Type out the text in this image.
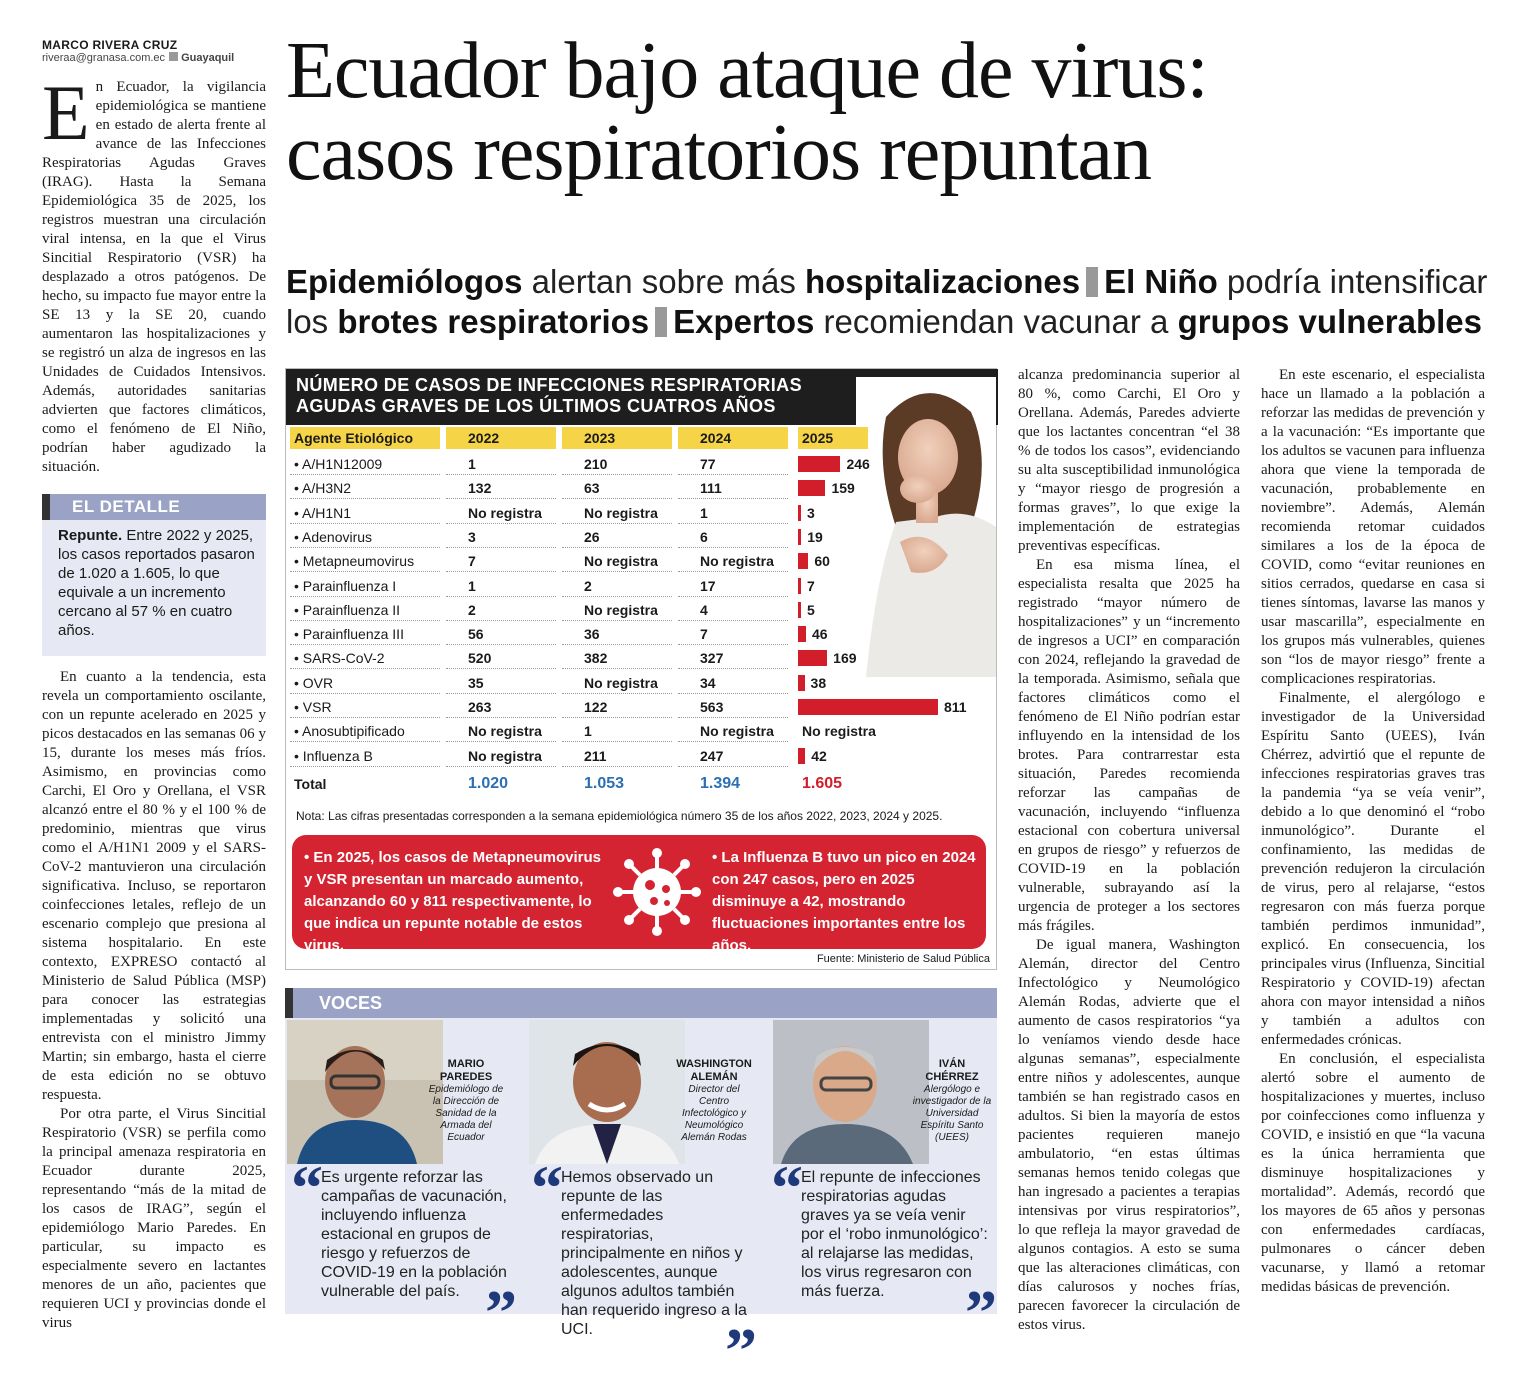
MARCO RIVERA CRUZ
riveraa@granasa.com.ec Guayaquil Ecuador bajo ataque de virus:
casos respiratorios repuntan
Epidemiólogos alertan sobre más hospitalizaciones El Niño podría intensificar
los brotes respiratorios Expertos recomiendan vacunar a grupos vulnerables

En Ecuador, la vigilancia epidemiológica se mantiene en estado de alerta frente al avance de las Infecciones Respiratorias Agudas Graves (IRAG). Hasta la Semana Epidemiológica 35 de 2025, los registros muestran una circulación viral intensa, en la que el Virus Sincitial Respiratorio (VSR) ha desplazado a otros patógenos. De hecho, su impacto fue mayor entre la SE 13 y la SE 20, cuando aumentaron las hospitalizaciones y se registró un alza de ingresos en las Unidades de Cuidados Intensivos. Además, autoridades sanitarias advierten que factores climáticos, como el fenómeno de El Niño, podrían haber agudizado la situación.

EL DETALLE
Repunte. Entre 2022 y 2025, los casos reportados pasaron de 1.020 a 1.605, lo que equivale a un incremento cercano al 57 % en cuatro años.

En cuanto a la tendencia, esta revela un comportamiento oscilante, con un repunte acelerado en 2025 y picos destacados en las semanas 06 y 15, durante los meses más fríos. Asimismo, en provincias como Carchi, El Oro y Orellana, el VSR alcanzó entre el 80 % y el 100 % de predominio, mientras que virus como el A/H1N1 2009 y el SARS-CoV-2 mantuvieron una circulación significativa. Incluso, se reportaron coinfecciones letales, reflejo de un escenario complejo que presiona al sistema hospitalario. En este contexto, EXPRESO contactó al Ministerio de Salud Pública (MSP) para conocer las estrategias implementadas y solicitó una entrevista con el ministro Jimmy Martin; sin embargo, hasta el cierre de esta edición no se obtuvo respuesta.

Por otra parte, el Virus Sincitial Respiratorio (VSR) se perfila como la principal amenaza respiratoria en Ecuador durante 2025, representando “más de la mitad de los casos de IRAG”, según el epidemiólogo Mario Paredes. En particular, su impacto es especialmente severo en lactantes menores de un año, pacientes que requieren UCI y provincias donde el virus

NÚMERO DE CASOS DE INFECCIONES RESPIRATORIAS
AGUDAS GRAVES DE LOS ÚLTIMOS CUATROS AÑOS
Agente Etiológico	2022	2023	2024	2025
• A/H1N12009	1	210	77	246
• A/H3N2	132	63	111	159
• A/H1N1	No registra	No registra	1	3
• Adenovirus	3	26	6	19
• Metapneumovirus	7	No registra	No registra	60
• Parainfluenza I	1	2	17	7
• Parainfluenza II	2	No registra	4	5
• Parainfluenza III	56	36	7	46
• SARS-CoV-2	520	382	327	169
• OVR	35	No registra	34	38
• VSR	263	122	563	811
• Anosubtipificado	No registra	1	No registra	No registra
• Influenza B	No registra	211	247	42
Total	1.020	1.053	1.394	1.605
Nota: Las cifras presentadas corresponden a la semana epidemiológica número 35 de los años 2022, 2023, 2024 y 2025.
• En 2025, los casos de Metapneumovirus y VSR presentan un marcado aumento, alcanzando 60 y 811 respectivamente, lo que indica un repunte notable de estos virus.
• La Influenza B tuvo un pico en 2024 con 247 casos, pero en 2025 disminuye a 42, mostrando fluctuaciones importantes entre los años.
Fuente: Ministerio de Salud Pública
VOCES
MARIO PAREDES
Epidemiólogo de la Dirección de Sanidad de la Armada del Ecuador
WASHINGTON ALEMÁN
Director del Centro Infectológico y Neumológico Alemán Rodas
IVÁN CHÉRREZ
Alergólogo e investigador de la Universidad Espíritu Santo (UEES)
“
Es urgente reforzar las campañas de vacunación, incluyendo influenza estacional en grupos de riesgo y refuerzos de COVID-19 en la población vulnerable del país. ”
“
Hemos observado un repunte de las enfermedades respiratorias, principalmente en niños y adolescentes, aunque algunos adultos también han requerido ingreso a la UCI. ”
“
El repunte de infecciones respiratorias agudas graves ya se veía venir por el ‘robo inmunológico’: al relajarse las medidas, los virus regresaron con más fuerza. ”

alcanza predominancia superior al 80 %, como Carchi, El Oro y Orellana. Además, Paredes advierte que los lactantes concentran “el 38 % de todos los casos”, evidenciando su alta susceptibilidad inmunológica y “mayor riesgo de progresión a formas graves”, lo que exige la implementación de estrategias preventivas específicas.

En esa misma línea, el especialista resalta que 2025 ha registrado “mayor número de hospitalizaciones” y un “incremento de ingresos a UCI” en comparación con 2024, reflejando la gravedad de la temporada. Asimismo, señala que factores climáticos como el fenómeno de El Niño podrían estar influyendo en la intensidad de los brotes. Para contrarrestar esta situación, Paredes recomienda reforzar las campañas de vacunación, incluyendo “influenza estacional con cobertura universal en grupos de riesgo” y refuerzos de COVID-19 en la población vulnerable, subrayando así la urgencia de proteger a los sectores más frágiles.

De igual manera, Washington Alemán, director del Centro Infectológico y Neumológico Alemán Rodas, advierte que el aumento de casos respiratorios “ya lo veníamos viendo desde hace algunas semanas”, especialmente entre niños y adolescentes, aunque también se han registrado casos en adultos. Si bien la mayoría de estos pacientes requieren manejo ambulatorio, “en estas últimas semanas hemos tenido colegas que han ingresado a pacientes a terapias intensivas por virus respiratorios”, lo que refleja la mayor gravedad de algunos contagios. A esto se suma que las alteraciones climáticas, con días calurosos y noches frías, parecen favorecer la circulación de estos virus.

En este escenario, el especialista hace un llamado a la población a reforzar las medidas de prevención y a la vacunación: “Es importante que los adultos se vacunen para influenza ahora que viene la temporada de vacunación, probablemente en noviembre”. Además, Alemán recomienda retomar cuidados similares a los de la época de COVID, como “evitar reuniones en sitios cerrados, quedarse en casa si tienes síntomas, lavarse las manos y usar mascarilla”, especialmente en los grupos más vulnerables, quienes son “los de mayor riesgo” frente a complicaciones respiratorias.

Finalmente, el alergólogo e investigador de la Universidad Espíritu Santo (UEES), Iván Chérrez, advirtió que el repunte de infecciones respiratorias graves tras la pandemia “ya se veía venir”, debido a lo que denominó el “robo inmunológico”. Durante el confinamiento, las medidas de prevención redujeron la circulación de virus, pero al relajarse, “estos regresaron con más fuerza porque también perdimos inmunidad”, explicó. En consecuencia, los principales virus (Influenza, Sincitial Respiratorio y COVID-19) afectan ahora con mayor intensidad a niños y también a adultos con enfermedades crónicas.

En conclusión, el especialista alertó sobre el aumento de hospitalizaciones y muertes, incluso por coinfecciones como influenza y COVID, e insistió en que “la vacuna es la única herramienta que disminuye hospitalizaciones y mortalidad”. Además, recordó que los mayores de 65 años y personas con enfermedades cardíacas, pulmonares o cáncer deben vacunarse, y llamó a retomar medidas básicas de prevención.
